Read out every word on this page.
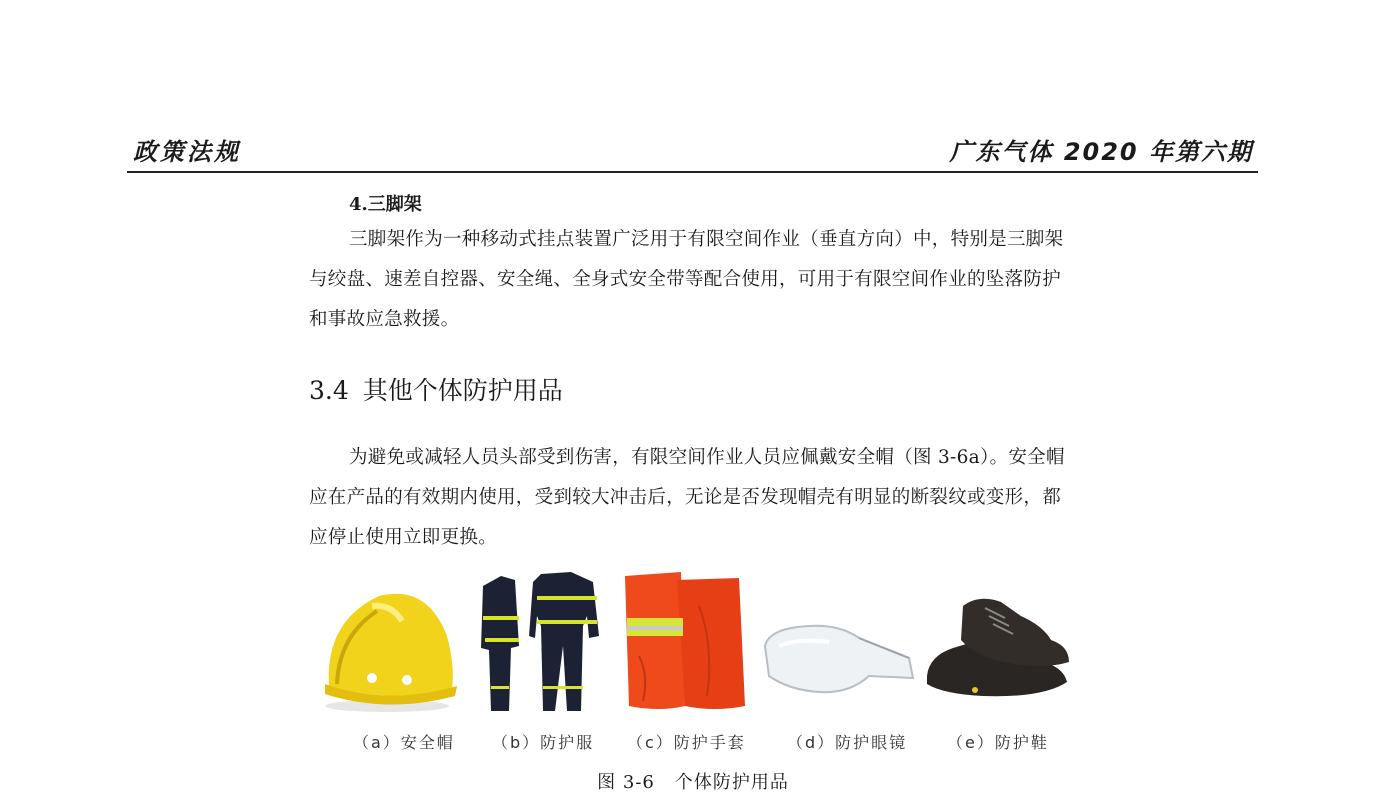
政策法规	广东气体 2020 年第六期

4.三脚架

三脚架作为一种移动式挂点装置广泛用于有限空间作业（垂直方向）中，特别是三脚架与绞盘、速差自控器、安全绳、全身式安全带等配合使用，可用于有限空间作业的坠落防护和事故应急救援。

3.4 其他个体防护用品

为避免或减轻人员头部受到伤害，有限空间作业人员应佩戴安全帽（图 3-6a）。安全帽应在产品的有效期内使用，受到较大冲击后，无论是否发现帽壳有明显的断裂纹或变形，都应停止使用立即更换。

（a）安全帽 （b）防护服 （c）防护手套	（d）防护眼镜 （e）防护鞋
图 3-6 个体防护用品
